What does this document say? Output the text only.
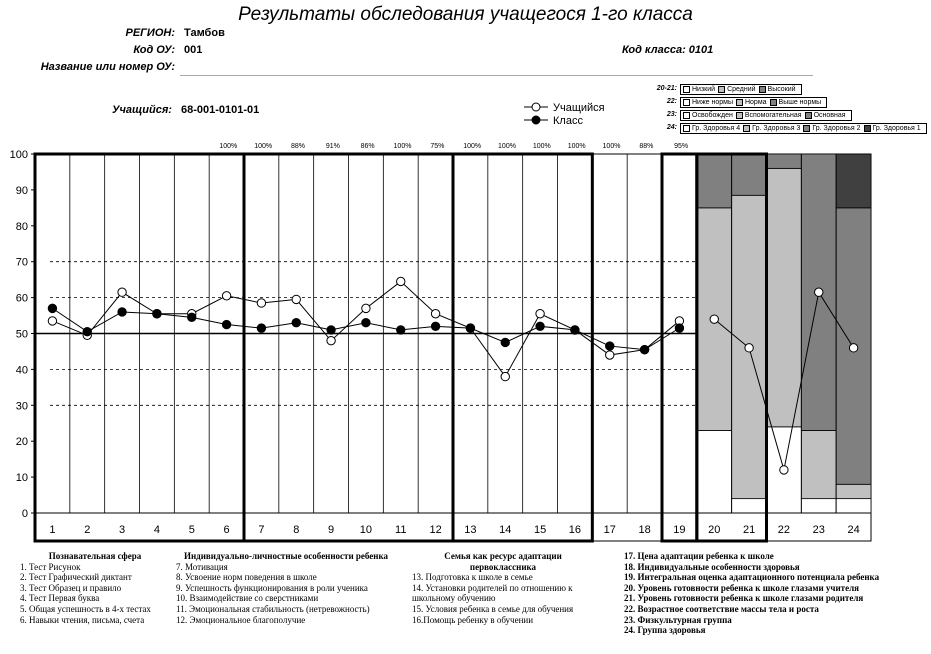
Результаты обследования учащегося 1-го класса
РЕГИОН: Тамбов
Код ОУ: 001
Название или номер ОУ:
Код класса: 0101
Учащийся: 68-001-0101-01	Учащийся
Класс
20-21:	Низкий Средний Высокий
22:	Ниже нормы Норма Выше нормы
23:	Освобожден Вспомогательная Основная
24:	Гр. Здоровья 4 Гр. Здоровья 3 Гр. Здоровья 2 Гр. Здоровья 1
0
10
20
30
40
50
60
70
80
90
100
1	2	3	4	5	6	7	8	9 10 11 12 13 14 15 16 17 18 19 20 21 22 23 24
100% 100%	88%	91%	86%	100%	75%	100% 100% 100% 100% 100%	88%	95%
Познавательная сфера
1. Тест Рисунок
2. Тест Графический диктант
3. Тест Образец и правило
4. Тест Первая буква
5. Общая успешность в 4-х тестах
6. Навыки чтения, письма, счета
Индивидуально-личностные особенности ребенка
7. Мотивация
8. Усвоение норм поведения в школе
9. Успешность функционирования в роли ученика
10. Взаимодействие со сверстниками
11. Эмоциональная стабильность (нетревожность)
12. Эмоциональное благополучие
Семья как ресурс адаптации
первоклассника
13. Подготовка к школе в семье
14. Установки родителей по отношению к
школьному обучению
15. Условия ребенка в семье для обучения
16.Помощь ребенку в обучении
17. Цена адаптации ребенка к школе
18. Индивидуальные особенности здоровья
19. Интегральная оценка адаптационного потенциала ребенка
20. Уровень готовности ребенка к школе глазами учителя
21. Уровень готовности ребенка к школе глазами родителя
22. Возрастное соответствие массы тела и роста
23. Физкультурная группа
24. Группа здоровья
